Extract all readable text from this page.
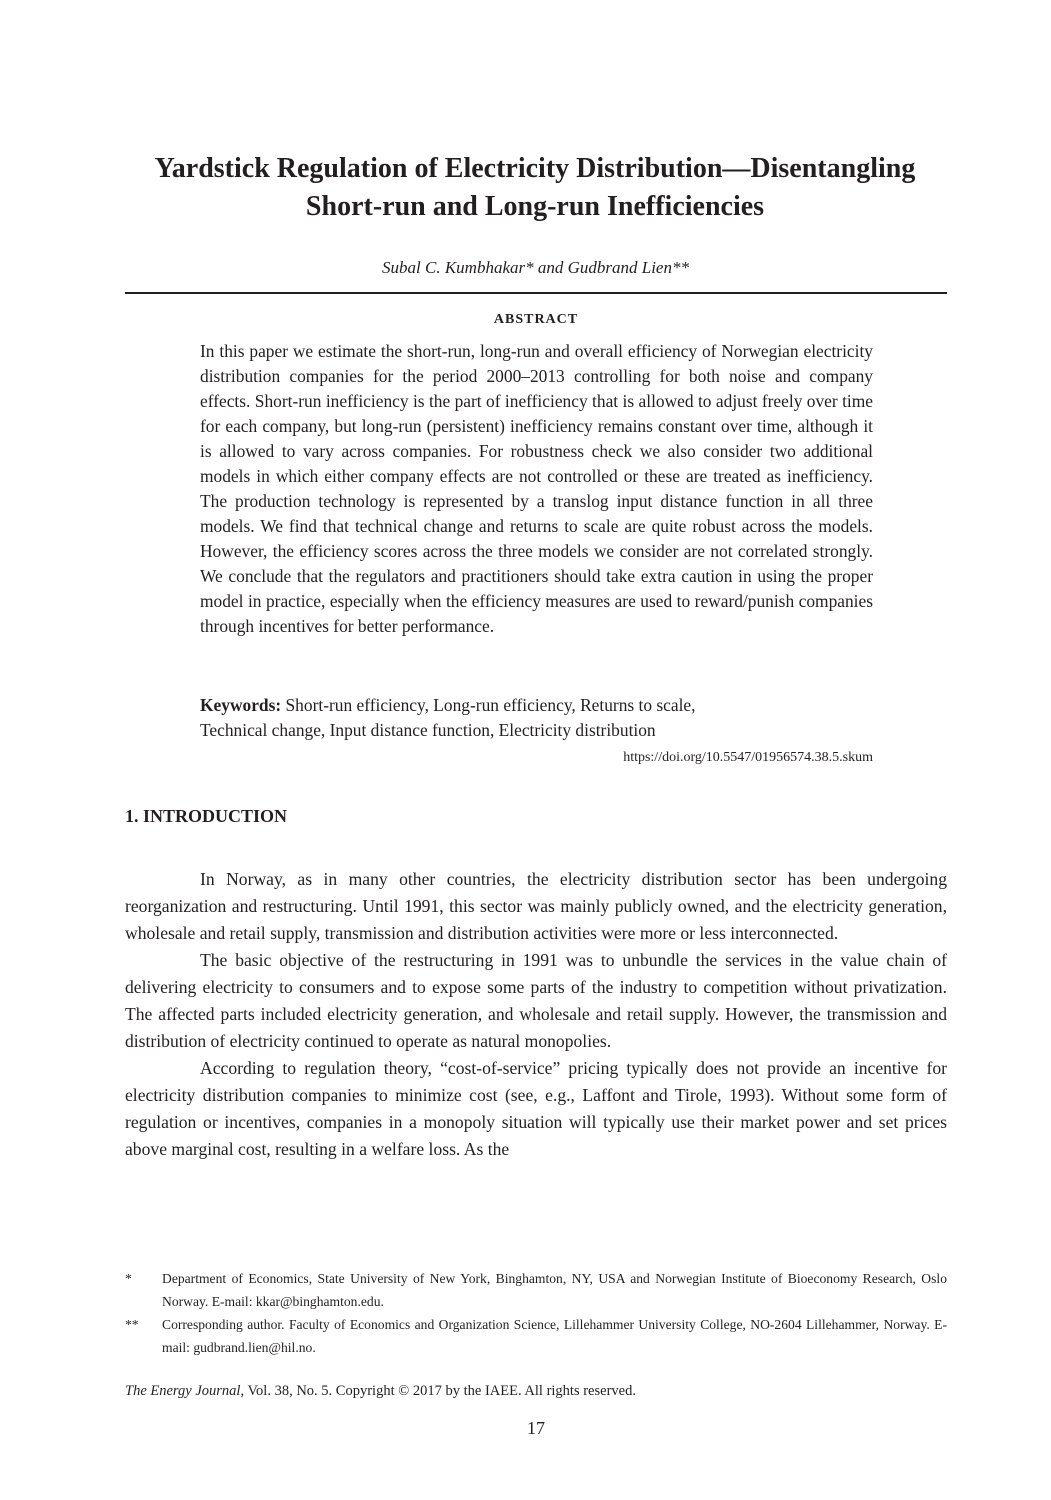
Yardstick Regulation of Electricity Distribution—Disentangling
Short-run and Long-run Inefficiencies
Subal C. Kumbhakar* and Gudbrand Lien**
ABSTRACT
In this paper we estimate the short-run, long-run and overall efficiency of Norwegian electricity distribution companies for the period 2000–2013 controlling for both noise and company effects. Short-run inefficiency is the part of inefficiency that is allowed to adjust freely over time for each company, but long-run (persistent) inefficiency remains constant over time, although it is allowed to vary across companies. For robustness check we also consider two additional models in which either company effects are not controlled or these are treated as inefficiency. The production technology is represented by a translog input distance function in all three models. We find that technical change and returns to scale are quite robust across the models. However, the efficiency scores across the three models we consider are not correlated strongly. We conclude that the regulators and practitioners should take extra caution in using the proper model in practice, especially when the efficiency measures are used to reward/punish companies through incentives for better performance.
Keywords: Short-run efficiency, Long-run efficiency, Returns to scale,
Technical change, Input distance function, Electricity distribution
https://doi.org/10.5547/01956574.38.5.skum
1. INTRODUCTION

In Norway, as in many other countries, the electricity distribution sector has been undergoing reorganization and restructuring. Until 1991, this sector was mainly publicly owned, and the electricity generation, wholesale and retail supply, transmission and distribution activities were more or less interconnected.

The basic objective of the restructuring in 1991 was to unbundle the services in the value chain of delivering electricity to consumers and to expose some parts of the industry to competition without privatization. The affected parts included electricity generation, and wholesale and retail supply. However, the transmission and distribution of electricity continued to operate as natural monopolies.

According to regulation theory, “cost-of-service” pricing typically does not provide an incentive for electricity distribution companies to minimize cost (see, e.g., Laffont and Tirole, 1993). Without some form of regulation or incentives, companies in a monopoly situation will typically use their market power and set prices above marginal cost, resulting in a welfare loss. As the

* Department of Economics, State University of New York, Binghamton, NY, USA and Norwegian Institute of Bioeconomy Research, Oslo Norway. E-mail: kkar@binghamton.edu.
** Corresponding author. Faculty of Economics and Organization Science, Lillehammer University College, NO-2604 Lillehammer, Norway. E-mail: gudbrand.lien@hil.no.
The Energy Journal, Vol. 38, No. 5. Copyright © 2017 by the IAEE. All rights reserved.
17
